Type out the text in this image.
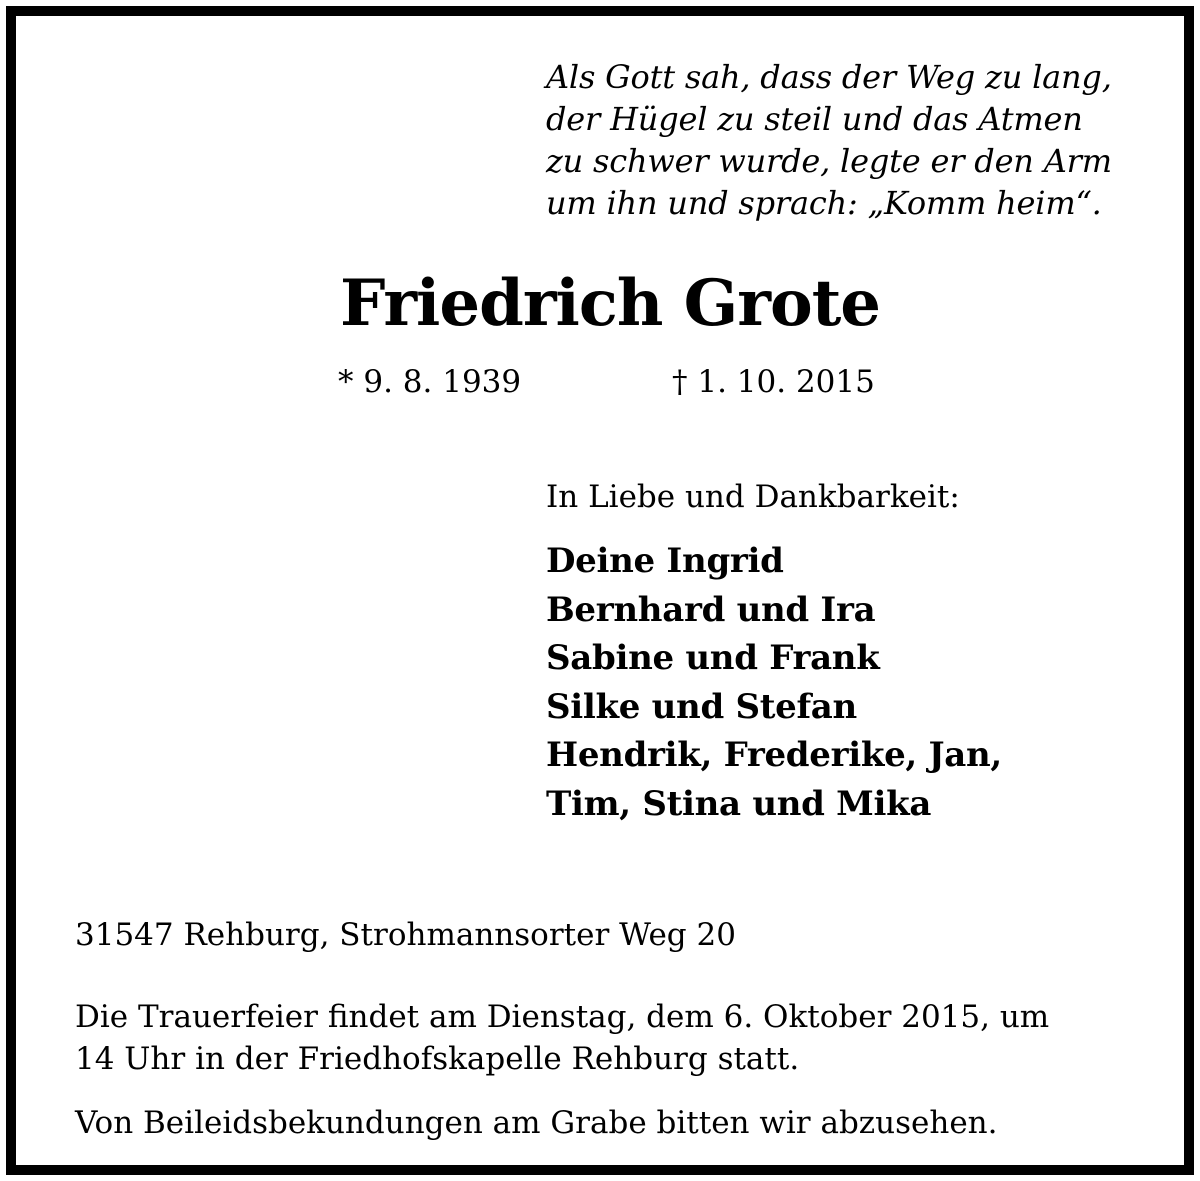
Als Gott sah, dass der Weg zu lang,
der Hügel zu steil und das Atmen
zu schwer wurde, legte er den Arm
um ihn und sprach: „Komm heim“.
Friedrich Grote
* 9. 8. 1939	† 1. 10. 2015
In Liebe und Dankbarkeit:
Deine Ingrid
Bernhard und Ira
Sabine und Frank
Silke und Stefan
Hendrik, Frederike, Jan,
Tim, Stina und Mika
31547 Rehburg, Strohmannsorter Weg 20
Die Trauerfeier findet am Dienstag, dem 6. Oktober 2015, um
14 Uhr in der Friedhofskapelle Rehburg statt.
Von Beileidsbekundungen am Grabe bitten wir abzusehen.
